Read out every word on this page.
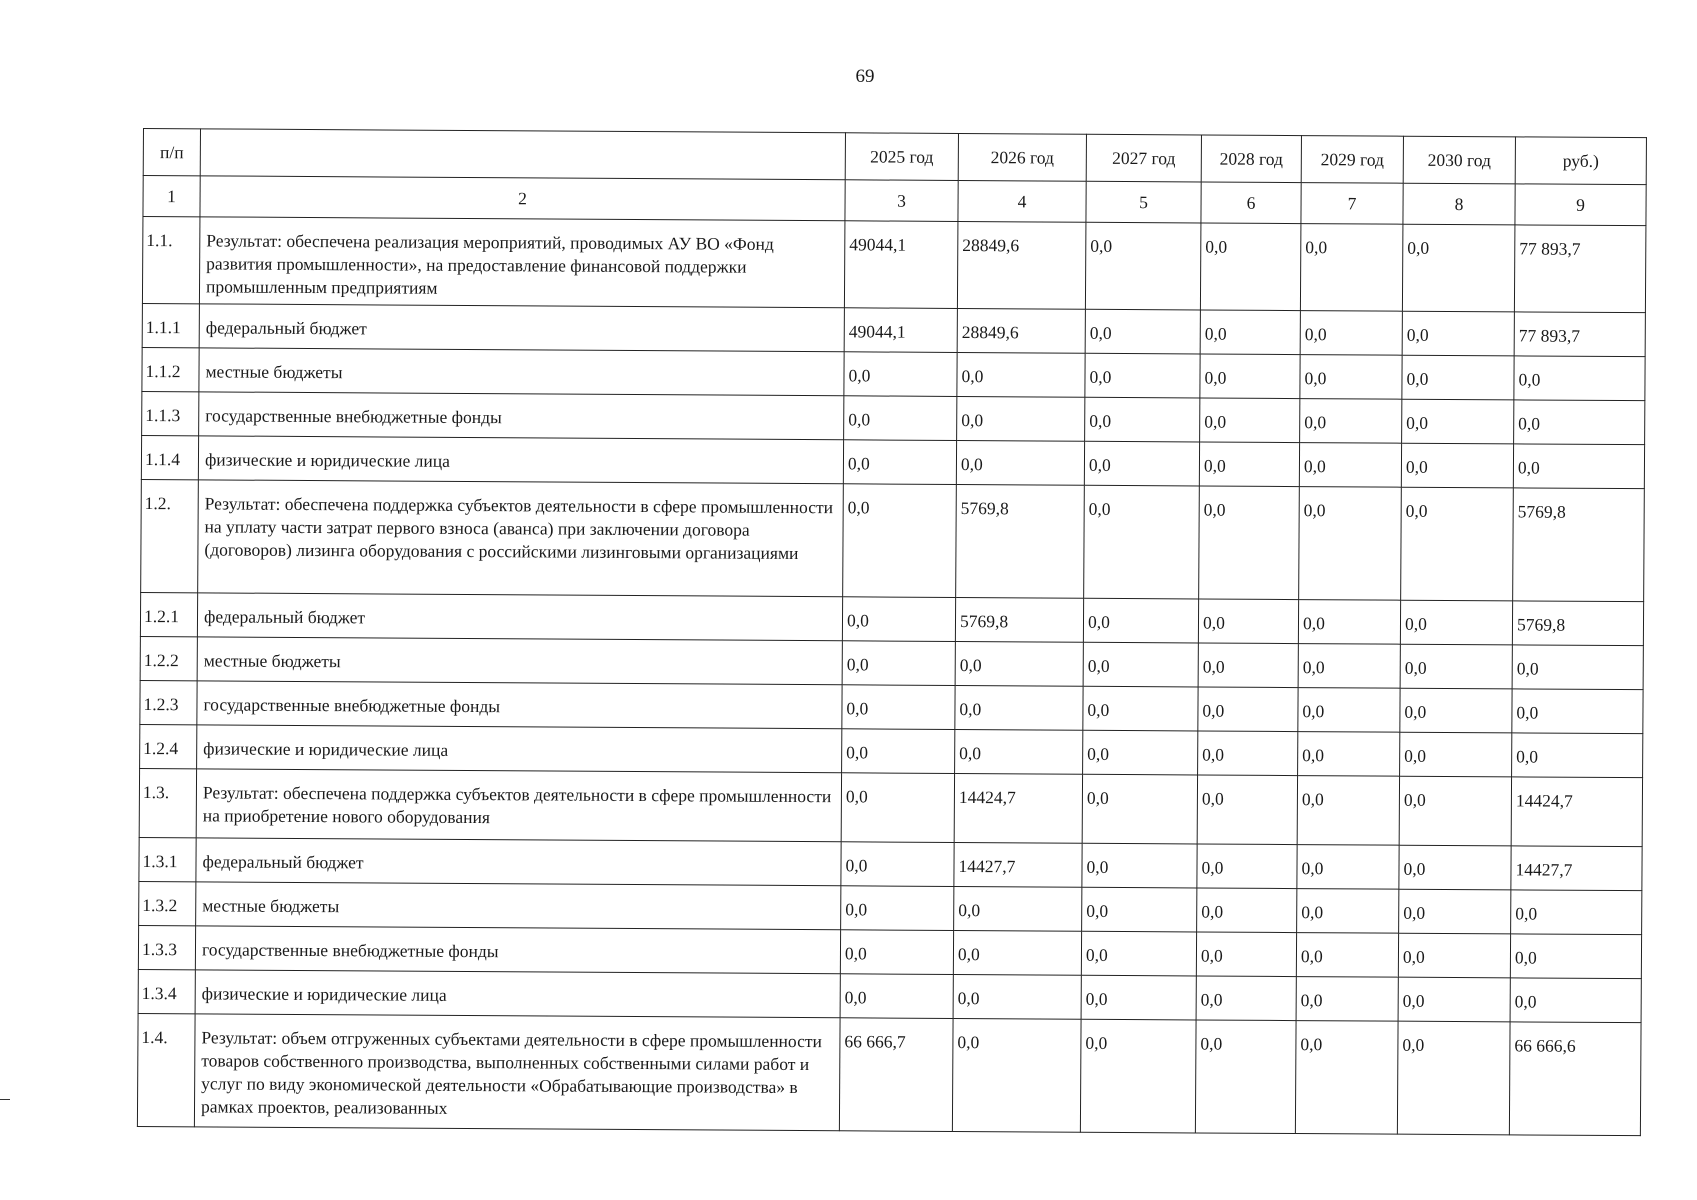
69
п/п		2025 год	2026 год	2027 год	2028 год	2029 год	2030 год	руб.)
1	2	3	4	5	6	7	8	9
1.1.	Результат: обеспечена реализация мероприятий, проводимых АУ ВО «Фонд развития промышленности», на предоставление финансовой поддержки промышленным предприятиям	49044,1	28849,6	0,0	0,0	0,0	0,0	77 893,7
1.1.1	федеральный бюджет	49044,1	28849,6	0,0	0,0	0,0	0,0	77 893,7
1.1.2	местные бюджеты	0,0	0,0	0,0	0,0	0,0	0,0	0,0
1.1.3	государственные внебюджетные фонды	0,0	0,0	0,0	0,0	0,0	0,0	0,0
1.1.4	физические и юридические лица	0,0	0,0	0,0	0,0	0,0	0,0	0,0
1.2.	Результат: обеспечена поддержка субъектов деятельности в сфере промышленности на уплату части затрат первого взноса (аванса) при заключении договора (договоров) лизинга оборудования с российскими лизинговыми организациями	0,0	5769,8	0,0	0,0	0,0	0,0	5769,8
1.2.1	федеральный бюджет	0,0	5769,8	0,0	0,0	0,0	0,0	5769,8
1.2.2	местные бюджеты	0,0	0,0	0,0	0,0	0,0	0,0	0,0
1.2.3	государственные внебюджетные фонды	0,0	0,0	0,0	0,0	0,0	0,0	0,0
1.2.4	физические и юридические лица	0,0	0,0	0,0	0,0	0,0	0,0	0,0
1.3.	Результат: обеспечена поддержка субъектов деятельности в сфере промышленности на приобретение нового оборудования	0,0	14424,7	0,0	0,0	0,0	0,0	14424,7
1.3.1	федеральный бюджет	0,0	14427,7	0,0	0,0	0,0	0,0	14427,7
1.3.2	местные бюджеты	0,0	0,0	0,0	0,0	0,0	0,0	0,0
1.3.3	государственные внебюджетные фонды	0,0	0,0	0,0	0,0	0,0	0,0	0,0
1.3.4	физические и юридические лица	0,0	0,0	0,0	0,0	0,0	0,0	0,0
1.4.	Результат: объем отгруженных субъектами деятельности в сфере промышленности товаров собственного производства, выполненных собственными силами работ и услуг по виду экономической деятельности «Обрабатывающие производства» в рамках проектов, реализованных	66 666,7	0,0	0,0	0,0	0,0	0,0	66 666,6
